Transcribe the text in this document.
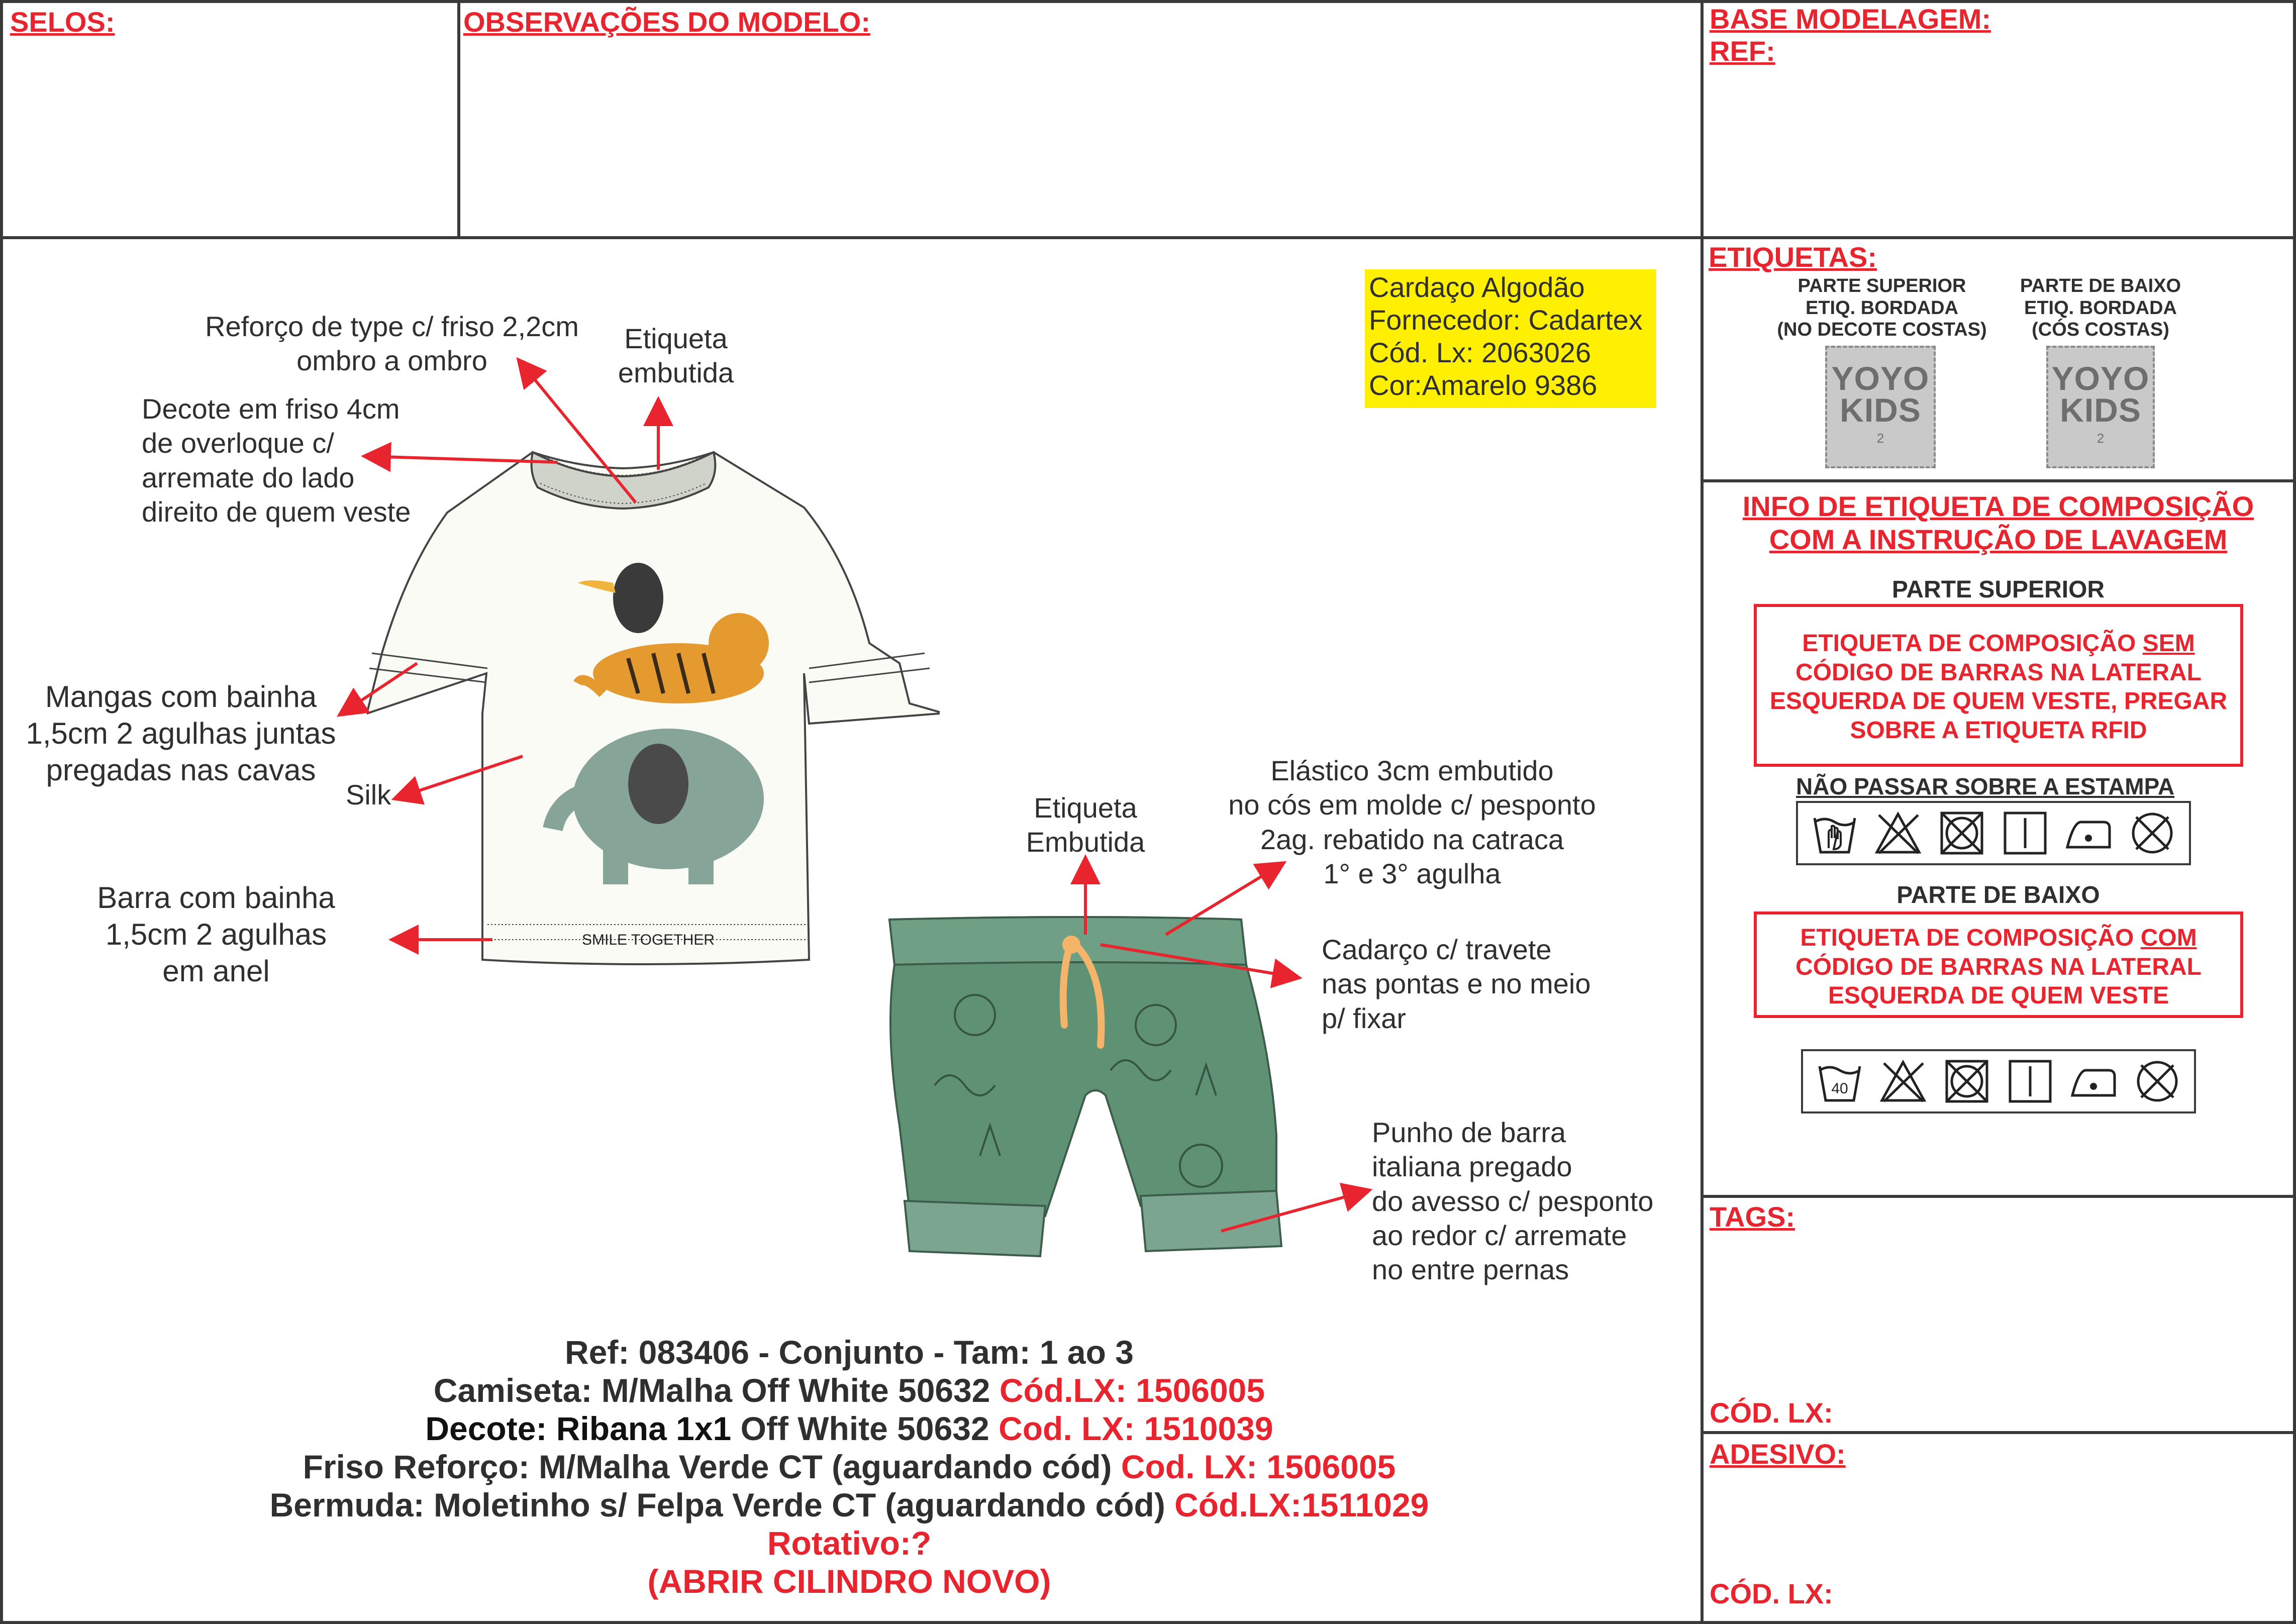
SELOS:	OBSERVAÇÕES DO MODELO:	BASE MODELAGEM:
REF:
ETIQUETAS:
TAGS:
CÓD. LX:
ADESIVO:
CÓD. LX:
PARTE SUPERIOR
ETIQ. BORDADA
(NO DECOTE COSTAS)
PARTE DE BAIXO
ETIQ. BORDADA
(CÓS COSTAS)
YOYO
KIDS
2
YOYO
KIDS
2
INFO DE ETIQUETA DE COMPOSIÇÃO
COM A INSTRUÇÃO DE LAVAGEM
PARTE SUPERIOR
ETIQUETA DE COMPOSIÇÃO SEM
CÓDIGO DE BARRAS NA LATERAL
ESQUERDA DE QUEM VESTE, PREGAR
SOBRE A ETIQUETA RFID
NÃO PASSAR SOBRE A ESTAMPA
PARTE DE BAIXO
ETIQUETA DE COMPOSIÇÃO COM
CÓDIGO DE BARRAS NA LATERAL
ESQUERDA DE QUEM VESTE
40
Cardaço Algodão
Fornecedor: Cadartex
Cód. Lx: 2063026
Cor:Amarelo 9386
SMILE TOGETHER
Reforço de type c/ friso 2,2cm
ombro a ombro
Etiqueta
embutida
Decote em friso 4cm
de overloque c/
arremate do lado
direito de quem veste
Mangas com bainha
1,5cm 2 agulhas juntas
pregadas nas cavas
Silk
Barra com bainha
1,5cm 2 agulhas
em anel
Etiqueta
Embutida
Elástico 3cm embutido
no cós em molde c/ pesponto
2ag. rebatido na catraca
1° e 3° agulha
Cadarço c/ travete
nas pontas e no meio
p/ fixar
Punho de barra
italiana pregado
do avesso c/ pesponto
ao redor c/ arremate
no entre pernas
Ref: 083406 - Conjunto - Tam: 1 ao 3
Camiseta: M/Malha Off White 50632 Cód.LX: 1506005
Decote: Ribana 1x1 Off White 50632 Cod. LX: 1510039
Friso Reforço: M/Malha Verde CT (aguardando cód) Cod. LX: 1506005
Bermuda: Moletinho s/ Felpa Verde CT (aguardando cód) Cód.LX:1511029
Rotativo:?
(ABRIR CILINDRO NOVO)
